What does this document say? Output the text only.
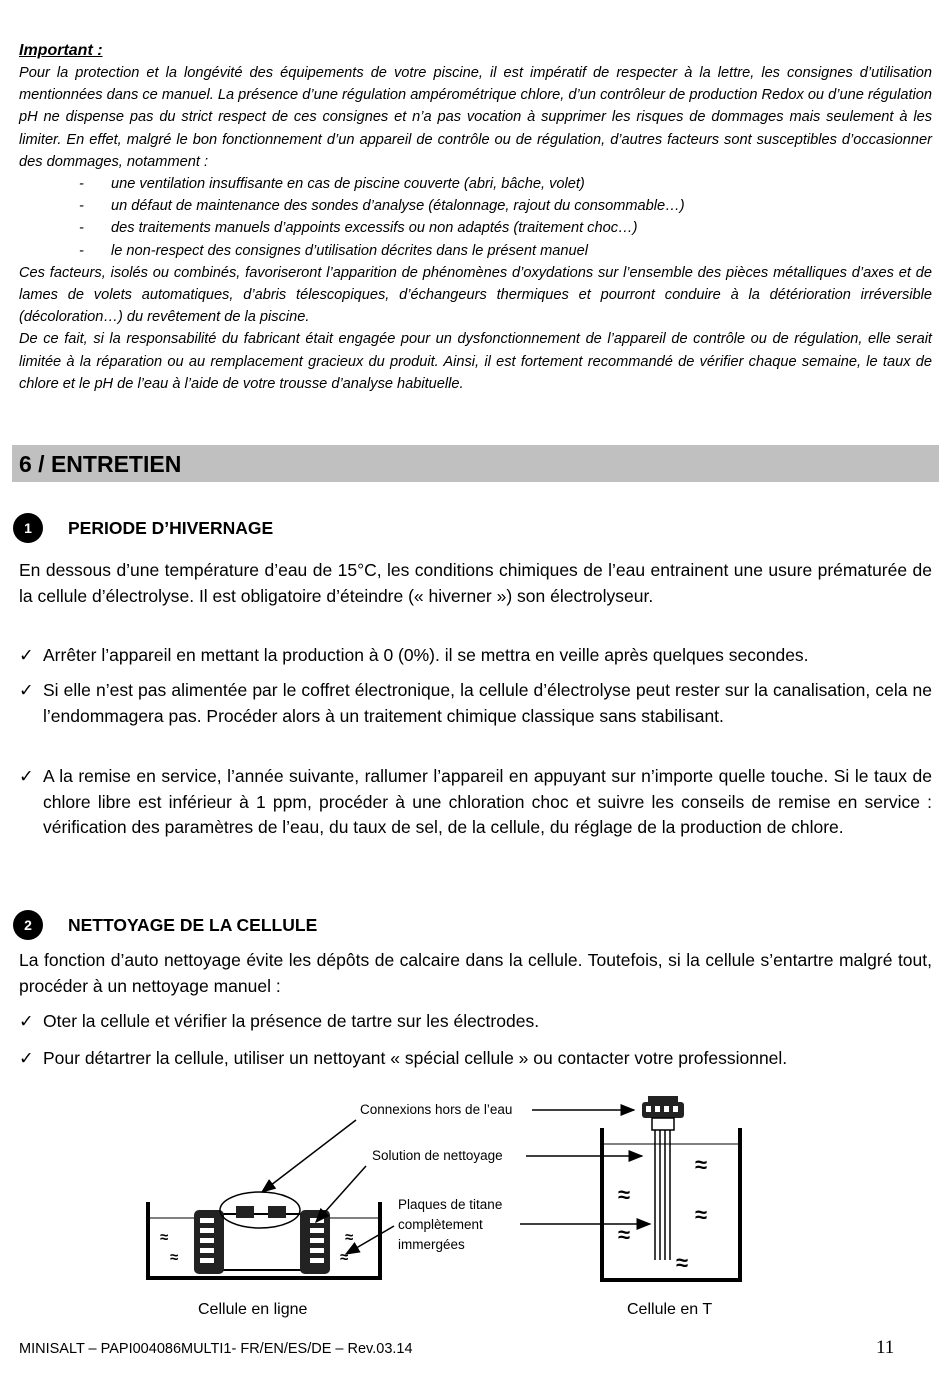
Important :

Pour la protection et la longévité des équipements de votre piscine, il est impératif de respecter à la lettre, les consignes d’utilisation mentionnées dans ce manuel. La présence d’une régulation ampérométrique chlore, d’un contrôleur de production Redox ou d’une régulation pH ne dispense pas du strict respect de ces consignes et n’a pas vocation à supprimer les risques de dommages mais seulement à les limiter. En effet, malgré le bon fonctionnement d’un appareil de contrôle ou de régulation, d’autres facteurs sont susceptibles d’occasionner des dommages, notamment :

- une ventilation insuffisante en cas de piscine couverte (abri, bâche, volet)
- un défaut de maintenance des sondes d’analyse (étalonnage, rajout du consommable…)
- des traitements manuels d’appoints excessifs ou non adaptés (traitement choc…)
- le non-respect des consignes d’utilisation décrites dans le présent manuel

Ces facteurs, isolés ou combinés, favoriseront l’apparition de phénomènes d’oxydations sur l’ensemble des pièces métalliques d’axes et de lames de volets automatiques, d’abris télescopiques, d’échangeurs thermiques et pourront conduire à la détérioration irréversible (décoloration…) du revêtement de la piscine.

De ce fait, si la responsabilité du fabricant était engagée pour un dysfonctionnement de l’appareil de contrôle ou de régulation, elle serait limitée à la réparation ou au remplacement gracieux du produit. Ainsi, il est fortement recommandé de vérifier chaque semaine, le taux de chlore et le pH de l’eau à l’aide de votre trousse d’analyse habituelle.

6 / ENTRETIEN
1	PERIODE D’HIVERNAGE
En dessous d’une température d’eau de 15°C, les conditions chimiques de l’eau entrainent une usure prématurée de la cellule d’électrolyse. Il est obligatoire d’éteindre (« hiverner ») son électrolyseur.
✓ Arrêter l’appareil en mettant la production à 0 (0%). il se mettra en veille après quelques secondes.
✓ Si elle n’est pas alimentée par le coffret électronique, la cellule d’électrolyse peut rester sur la canalisation, cela ne l’endommagera pas. Procéder alors à un traitement chimique classique sans stabilisant.
✓ A la remise en service, l’année suivante, rallumer l’appareil en appuyant sur n’importe quelle touche. Si le taux de chlore libre est inférieur à 1 ppm, procéder à une chloration choc et suivre les conseils de remise en service : vérification des paramètres de l’eau, du taux de sel, de la cellule, du réglage de la production de chlore.
2	NETTOYAGE DE LA CELLULE
La fonction d’auto nettoyage évite les dépôts de calcaire dans la cellule. Toutefois, si la cellule s’entartre malgré tout, procéder à un nettoyage manuel :
✓ Oter la cellule et vérifier la présence de tartre sur les électrodes.
✓ Pour détartrer la cellule, utiliser un nettoyant « spécial cellule » ou contacter votre professionnel.
≈
≈
≈
≈
≈
≈
≈
≈
≈
Connexions hors de l’eau
Solution de nettoyage
Plaques de titane
complètement
immergées
Cellule en ligne	Cellule en T
MINISALT – PAPI004086MULTI1- FR/EN/ES/DE – Rev.03.14	11
